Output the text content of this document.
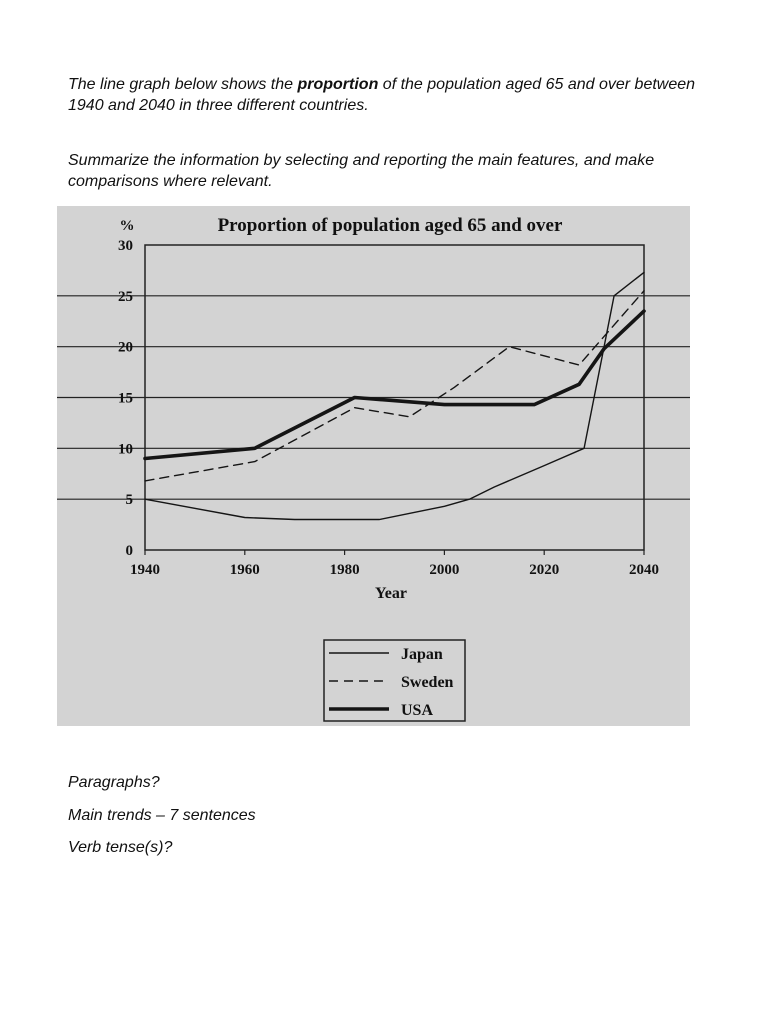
The line graph below shows the proportion of the population aged 65 and over between 1940 and 2040 in three different countries.

Summarize the information by selecting and reporting the main features, and make comparisons where relevant.

0
5
10
15
20
25
30
1940	1960	1980	2000	2020	2040
Proportion of population aged 65 and over
%
Year
Japan
Sweden
USA

Paragraphs?

Main trends – 7 sentences

Verb tense(s)?
